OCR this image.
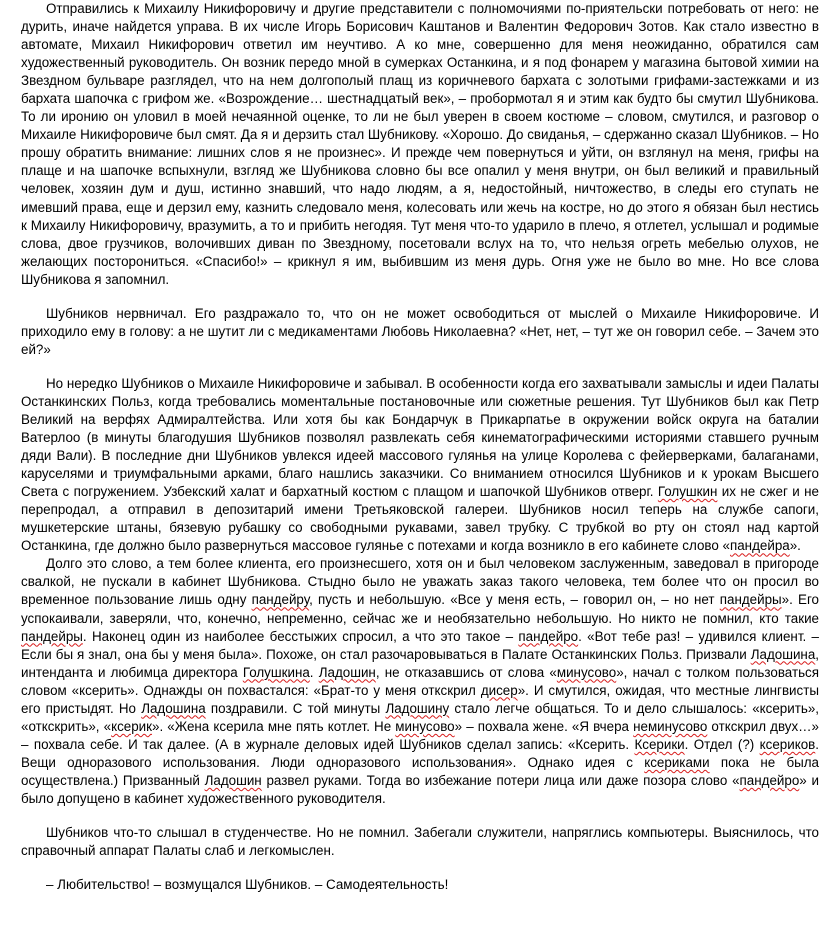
Отправились к Михаилу Никифоровичу и другие представители с полномочиями по-приятельски потребовать от него: не дурить, иначе найдется управа. В их числе Игорь Борисович Каштанов и Валентин Федорович Зотов. Как стало известно в автомате, Михаил Никифорович ответил им неучтиво. А ко мне, совершенно для меня неожиданно, обратился сам художественный руководитель. Он возник передо мной в сумерках Останкина, и я под фонарем у магазина бытовой химии на Звездном бульваре разглядел, что на нем долгополый плащ из коричневого бархата с золотыми грифами-застежками и из бархата шапочка с грифом же. «Возрождение… шестнадцатый век», – пробормотал я и этим как будто бы смутил Шубникова. То ли иронию он уловил в моей нечаянной оценке, то ли не был уверен в своем костюме – словом, смутился, и разговор о Михаиле Никифоровиче был смят. Да я и дерзить стал Шубникову. «Хорошо. До свиданья, – сдержанно сказал Шубников. – Но прошу обратить внимание: лишних слов я не произнес». И прежде чем повернуться и уйти, он взглянул на меня, грифы на плаще и на шапочке вспыхнули, взгляд же Шубникова словно бы все опалил у меня внутри, он был великий и правильный человек, хозяин дум и душ, истинно знавший, что надо людям, а я, недостойный, ничтожество, в следы его ступать не имевший права, еще и дерзил ему, казнить следовало меня, колесовать или жечь на костре, но до этого я обязан был нестись к Михаилу Никифоровичу, вразумить, а то и прибить негодяя. Тут меня что-то ударило в плечо, я отлетел, услышал и родимые слова, двое грузчиков, волочивших диван по Звездному, посетовали вслух на то, что нельзя огреть мебелью олухов, не желающих посторониться. «Спасибо!» – крикнул я им, выбившим из меня дурь. Огня уже не было во мне. Но все слова Шубникова я запомнил.

Шубников нервничал. Его раздражало то, что он не может освободиться от мыслей о Михаиле Никифоровиче. И приходило ему в голову: а не шутит ли с медикаментами Любовь Николаевна? «Нет, нет, – тут же он говорил себе. – Зачем это ей?»

Но нередко Шубников о Михаиле Никифоровиче и забывал. В особенности когда его захватывали замыслы и идеи Палаты Останкинских Польз, когда требовались моментальные постановочные или сюжетные решения. Тут Шубников был как Петр Великий на верфях Адмиралтейства. Или хотя бы как Бондарчук в Прикарпатье в окружении войск округа на баталии Ватерлоо (в минуты благодушия Шубников позволял развлекать себя кинематографическими историями ставшего ручным дяди Вали). В последние дни Шубников увлекся идеей массового гулянья на улице Королева с фейерверками, балаганами, каруселями и триумфальными арками, благо нашлись заказчики. Со вниманием относился Шубников и к урокам Высшего Света с погружением. Узбекский халат и бархатный костюм с плащом и шапочкой Шубников отверг. Голушкин их не сжег и не перепродал, а отправил в депозитарий имени Третьяковской галереи. Шубников носил теперь на службе сапоги, мушкетерские штаны, бязевую рубашку со свободными рукавами, завел трубку. С трубкой во рту он стоял над картой Останкина, где должно было развернуться массовое гулянье с потехами и когда возникло в его кабинете слово «пандейра».

Долго это слово, а тем более клиента, его произнесшего, хотя он и был человеком заслуженным, заведовал в пригороде свалкой, не пускали в кабинет Шубникова. Стыдно было не уважать заказ такого человека, тем более что он просил во временное пользование лишь одну пандейру, пусть и небольшую. «Все у меня есть, – говорил он, – но нет пандейры». Его успокаивали, заверяли, что, конечно, непременно, сейчас же и необязательно небольшую. Но никто не помнил, кто такие пандейры. Наконец один из наиболее бесстыжих спросил, а что это такое – пандейро. «Вот тебе раз! – удивился клиент. – Если бы я знал, она бы у меня была». Похоже, он стал разочаровываться в Палате Останкинских Польз. Призвали Ладошина, интенданта и любимца директора Голушкина. Ладошин, не отказавшись от слова «минусово», начал с толком пользоваться словом «ксерить». Однажды он похвастался: «Брат-то у меня откскрил дисер». И смутился, ожидая, что местные лингвисты его пристыдят. Но Ладошина поздравили. С той минуты Ладошину стало легче общаться. То и дело слышалось: «ксерить», «откскрить», «ксерик». «Жена ксерила мне пять котлет. Не минусово» – похвала жене. «Я вчера неминусово откскрил двух…» – похвала себе. И так далее. (А в журнале деловых идей Шубников сделал запись: «Ксерить. Ксерики. Отдел (?) ксериков. Вещи одноразового использования. Люди одноразового использования». Однако идея с ксериками пока не была осуществлена.) Призванный Ладошин развел руками. Тогда во избежание потери лица или даже позора слово «пандейро» и было допущено в кабинет художественного руководителя.

Шубников что-то слышал в студенчестве. Но не помнил. Забегали служители, напряглись компьютеры. Выяснилось, что справочный аппарат Палаты слаб и легкомыслен.

– Любительство! – возмущался Шубников. – Самодеятельность!
